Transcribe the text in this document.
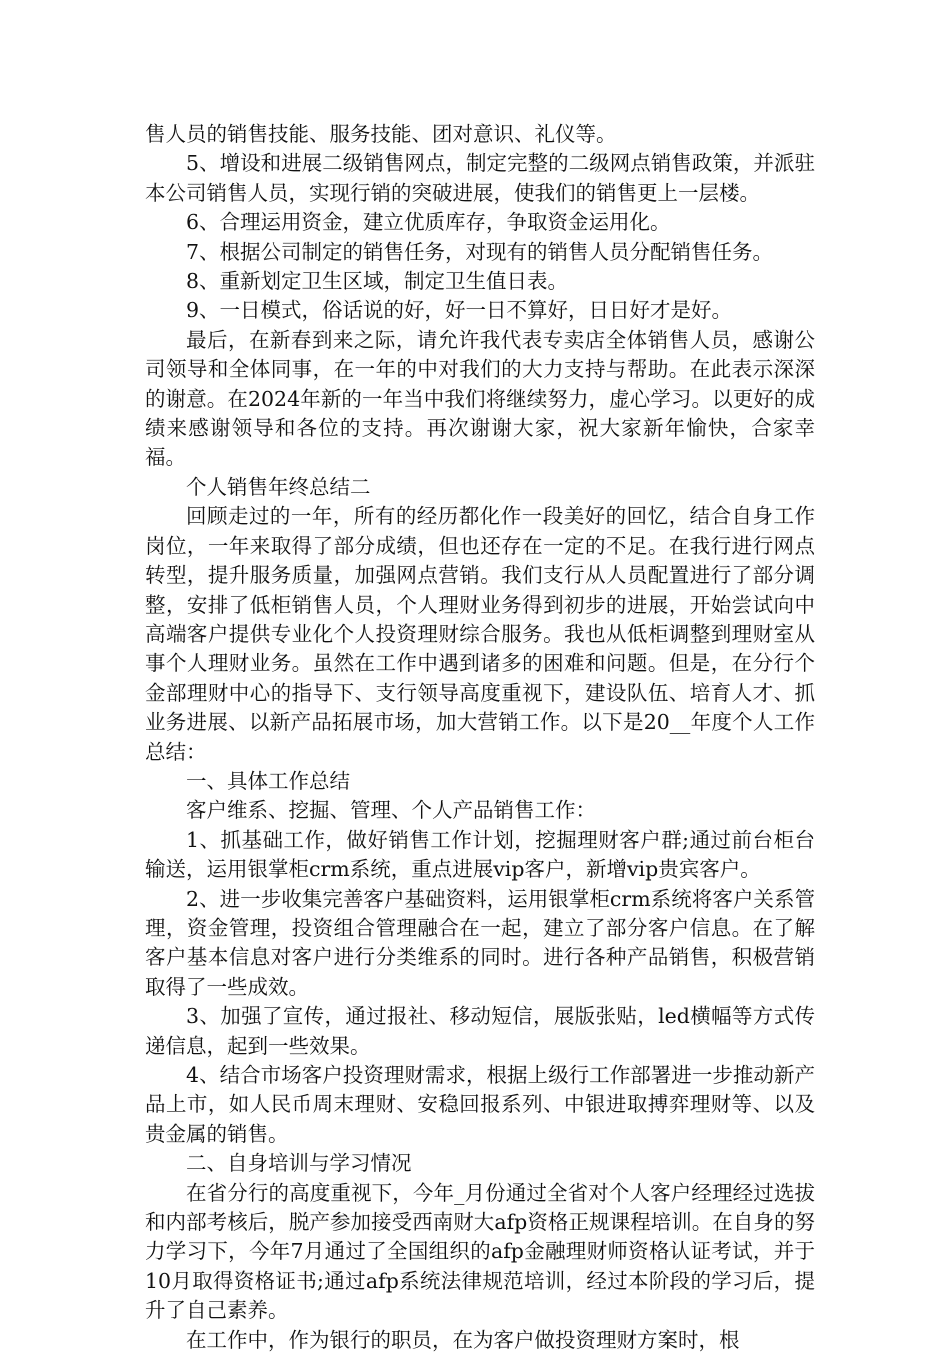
售人员的销售技能、服务技能、团对意识、礼仪等。

5、增设和进展二级销售网点，制定完整的二级网点销售政策，并派驻本公司销售人员，实现行销的突破进展，使我们的销售更上一层楼。

6、合理运用资金，建立优质库存，争取资金运用化。

7、根据公司制定的销售任务，对现有的销售人员分配销售任务。

8、重新划定卫生区域，制定卫生值日表。

9、一日模式，俗话说的好，好一日不算好，日日好才是好。

最后，在新春到来之际，请允许我代表专卖店全体销售人员，感谢公司领导和全体同事，在一年的中对我们的大力支持与帮助。在此表示深深的谢意。在2024年新的一年当中我们将继续努力，虚心学习。以更好的成绩来感谢领导和各位的支持。再次谢谢大家，祝大家新年愉快，合家幸福。

个人销售年终总结二

回顾走过的一年，所有的经历都化作一段美好的回忆，结合自身工作岗位，一年来取得了部分成绩，但也还存在一定的不足。在我行进行网点转型，提升服务质量，加强网点营销。我们支行从人员配置进行了部分调整，安排了低柜销售人员，个人理财业务得到初步的进展，开始尝试向中高端客户提供专业化个人投资理财综合服务。我也从低柜调整到理财室从事个人理财业务。虽然在工作中遇到诸多的困难和问题。但是，在分行个金部理财中心的指导下、支行领导高度重视下，建设队伍、培育人才、抓业务进展、以新产品拓展市场，加大营销工作。以下是20__年度个人工作总结：

一、具体工作总结

客户维系、挖掘、管理、个人产品销售工作：

1、抓基础工作，做好销售工作计划，挖掘理财客户群;通过前台柜台输送，运用银掌柜crm系统，重点进展vip客户，新增vip贵宾客户。

2、进一步收集完善客户基础资料，运用银掌柜crm系统将客户关系管理，资金管理，投资组合管理融合在一起，建立了部分客户信息。在了解客户基本信息对客户进行分类维系的同时。进行各种产品销售，积极营销取得了一些成效。

3、加强了宣传，通过报社、移动短信，展版张贴，led横幅等方式传递信息，起到一些效果。

4、结合市场客户投资理财需求，根据上级行工作部署进一步推动新产品上市，如人民币周末理财、安稳回报系列、中银进取搏弈理财等、以及贵金属的销售。

二、自身培训与学习情况

在省分行的高度重视下，今年_月份通过全省对个人客户经理经过选拔和内部考核后，脱产参加接受西南财大afp资格正规课程培训。在自身的努力学习下，今年7月通过了全国组织的afp金融理财师资格认证考试，并于10月取得资格证书;通过afp系统法律规范培训，经过本阶段的学习后，提升了自己素养。

在工作中，作为银行的职员，在为客户做投资理财方案时，根
